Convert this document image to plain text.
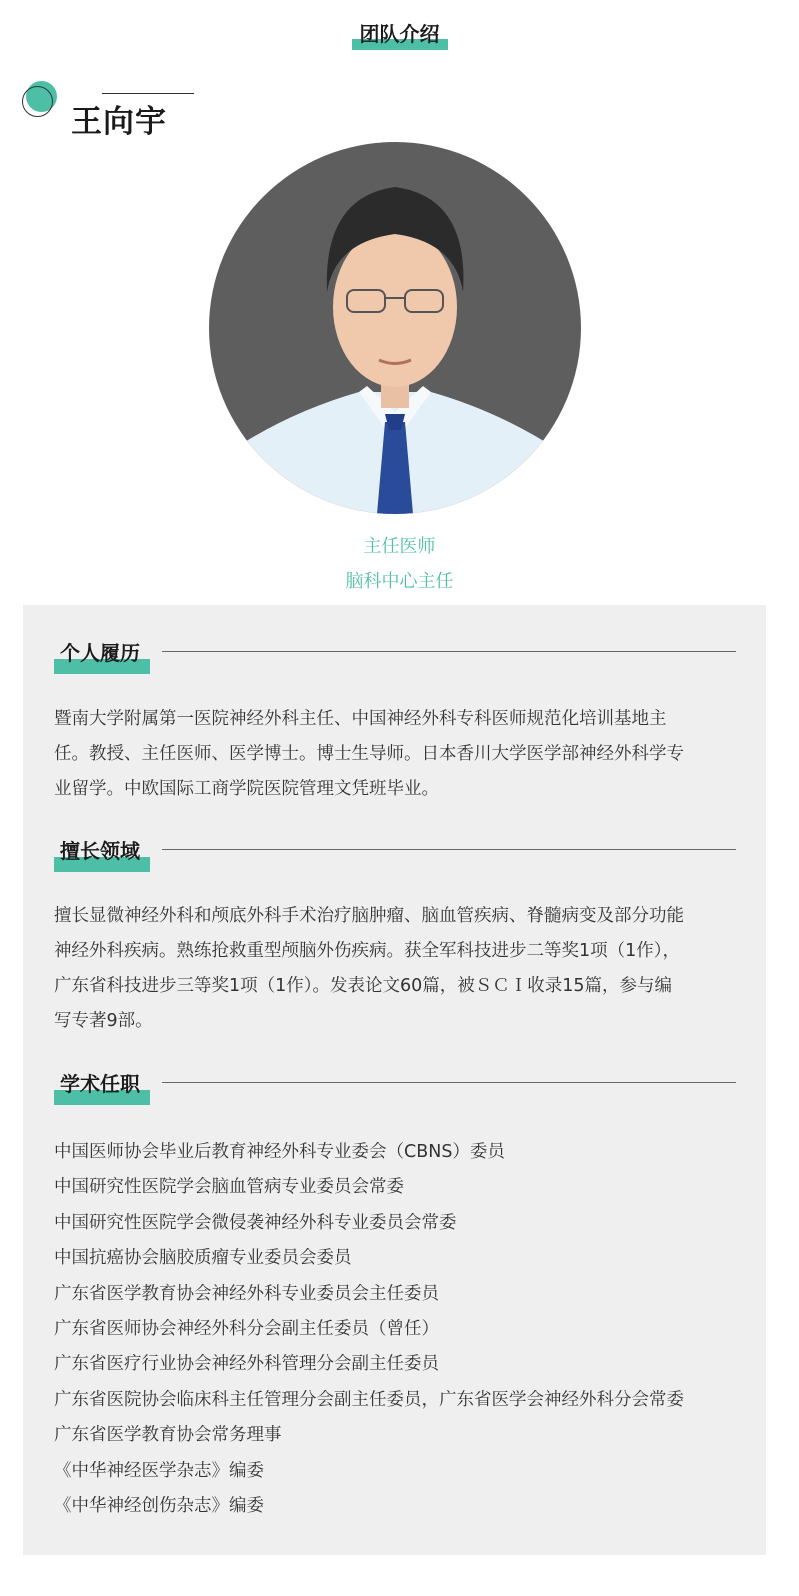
团队介绍
王向宇
主任医师
脑科中心主任
个人履历
暨南大学附属第一医院神经外科主任、中国神经外科专科医师规范化培训基地主
任。教授、主任医师、医学博士。博士生导师。日本香川大学医学部神经外科学专
业留学。中欧国际工商学院医院管理文凭班毕业。
擅长领域
擅长显微神经外科和颅底外科手术治疗脑肿瘤、脑血管疾病、脊髓病变及部分功能
神经外科疾病。熟练抢救重型颅脑外伤疾病。获全军科技进步二等奖1项（1作），
广东省科技进步三等奖1项（1作）。发表论文60篇，被ＳＣＩ收录15篇，参与编
写专著9部。
学术任职
中国医师协会毕业后教育神经外科专业委会（CBNS）委员
中国研究性医院学会脑血管病专业委员会常委
中国研究性医院学会微侵袭神经外科专业委员会常委
中国抗癌协会脑胶质瘤专业委员会委员
广东省医学教育协会神经外科专业委员会主任委员
广东省医师协会神经外科分会副主任委员（曾任）
广东省医疗行业协会神经外科管理分会副主任委员
广东省医院协会临床科主任管理分会副主任委员，广东省医学会神经外科分会常委
广东省医学教育协会常务理事
《中华神经医学杂志》编委
《中华神经创伤杂志》编委
